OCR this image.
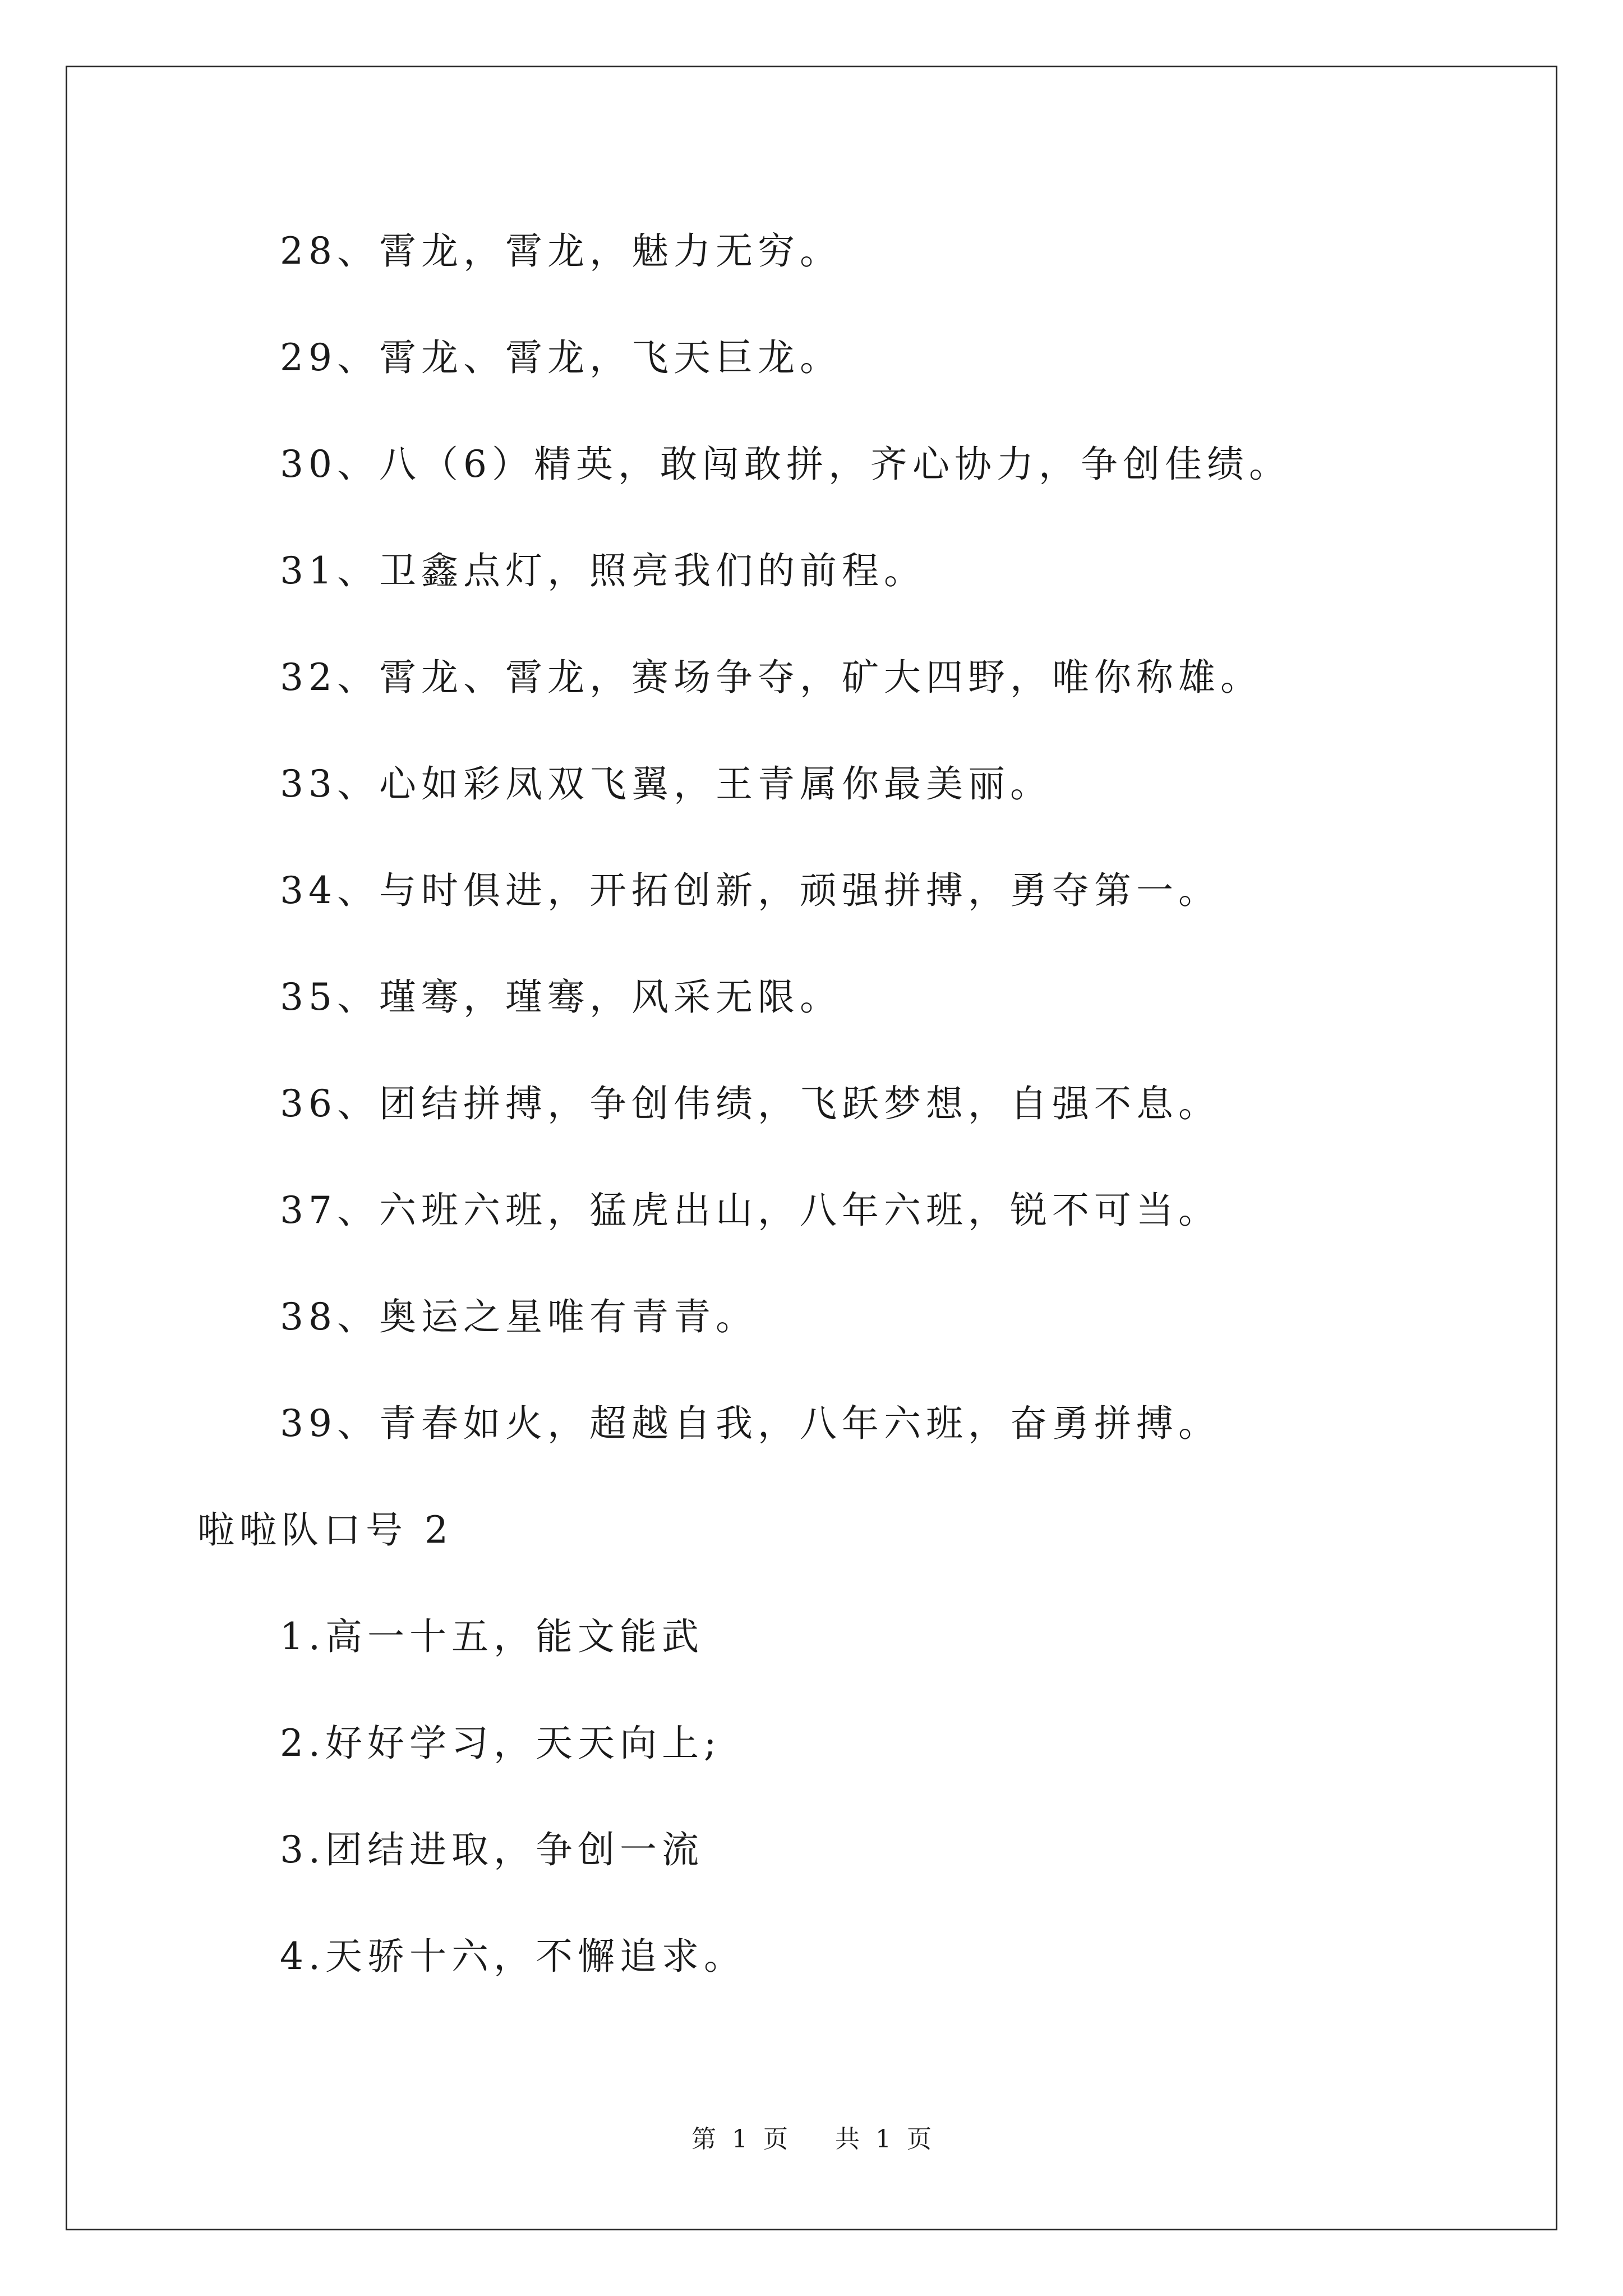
28、霄龙，霄龙，魅力无穷。
29、霄龙、霄龙，飞天巨龙。
30、八（6）精英，敢闯敢拼，齐心协力，争创佳绩。
31、卫鑫点灯，照亮我们的前程。
32、霄龙、霄龙，赛场争夺，矿大四野，唯你称雄。
33、心如彩凤双飞翼，王青属你最美丽。
34、与时俱进，开拓创新，顽强拼搏，勇夺第一。
35、瑾骞，瑾骞，风采无限。
36、团结拼搏，争创伟绩，飞跃梦想，自强不息。
37、六班六班，猛虎出山，八年六班，锐不可当。
38、奥运之星唯有青青。
39、青春如火，超越自我，八年六班，奋勇拼搏。
啦啦队口号 2
1.高一十五，能文能武
2.好好学习，天天向上;
3.团结进取，争创一流
4.天骄十六，不懈追求。
第 1 页   共 1 页
